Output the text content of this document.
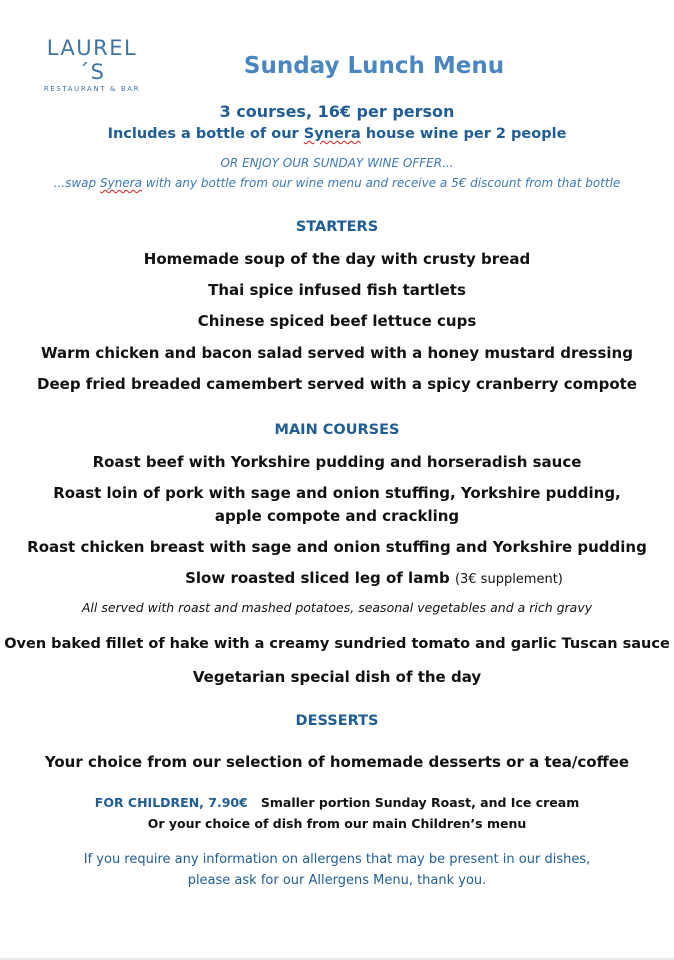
LAUREL´S
RESTAURANT & BAR
Sunday Lunch Menu
3 courses, 16€ per person
Includes a bottle of our Synera house wine per 2 people
OR ENJOY OUR SUNDAY WINE OFFER...
...swap Synera with any bottle from our wine menu and receive a 5€ discount from that bottle
STARTERS
Homemade soup of the day with crusty bread
Thai spice infused fish tartlets
Chinese spiced beef lettuce cups
Warm chicken and bacon salad served with a honey mustard dressing
Deep fried breaded camembert served with a spicy cranberry compote
MAIN COURSES
Roast beef with Yorkshire pudding and horseradish sauce
Roast loin of pork with sage and onion stuffing, Yorkshire pudding,
apple compote and crackling
Roast chicken breast with sage and onion stuffing and Yorkshire pudding
Slow roasted sliced leg of lamb (3€ supplement)
All served with roast and mashed potatoes, seasonal vegetables and a rich gravy
Oven baked fillet of hake with a creamy sundried tomato and garlic Tuscan sauce
Vegetarian special dish of the day
DESSERTS
Your choice from our selection of homemade desserts or a tea/coffee
FOR CHILDREN, 7.90€ Smaller portion Sunday Roast, and Ice cream
Or your choice of dish from our main Children’s menu
If you require any information on allergens that may be present in our dishes,
please ask for our Allergens Menu, thank you.
